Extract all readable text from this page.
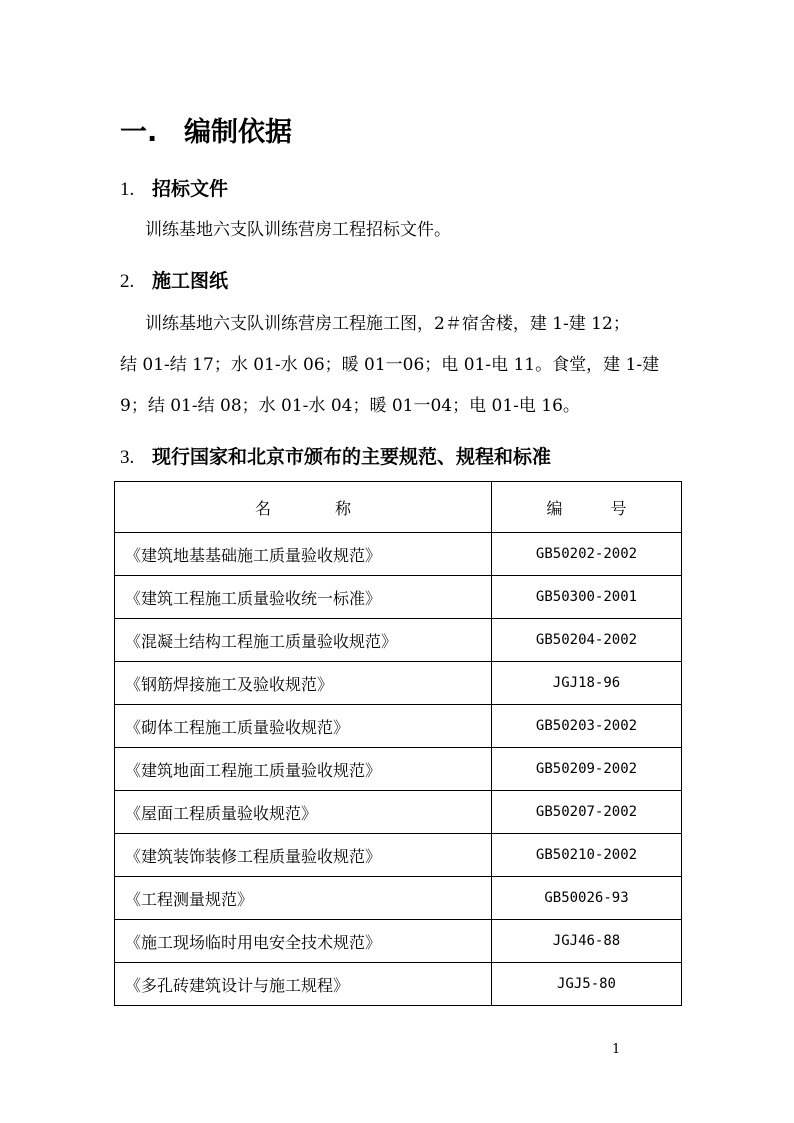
一. 编制依据
1. 招标文件

训练基地六支队训练营房工程招标文件。

2. 施工图纸

训练基地六支队训练营房工程施工图，2＃宿舍楼，建 1-建 12；

结 01-结 17；水 01-水 06；暖 01一06；电 01-电 11。食堂，建 1-建

9；结 01-结 08；水 01-水 04；暖 01一04；电 01-电 16。

3. 现行国家和北京市颁布的主要规范、规程和标准
名　　　　称	编　　　号
《建筑地基基础施工质量验收规范》	GB50202-2002
《建筑工程施工质量验收统一标准》	GB50300-2001
《混凝土结构工程施工质量验收规范》	GB50204-2002
《钢筋焊接施工及验收规范》	JGJ18-96
《砌体工程施工质量验收规范》	GB50203-2002
《建筑地面工程施工质量验收规范》	GB50209-2002
《屋面工程质量验收规范》	GB50207-2002
《建筑装饰装修工程质量验收规范》	GB50210-2002
《工程测量规范》	GB50026-93
《施工现场临时用电安全技术规范》	JGJ46-88
《多孔砖建筑设计与施工规程》	JGJ5-80
1
